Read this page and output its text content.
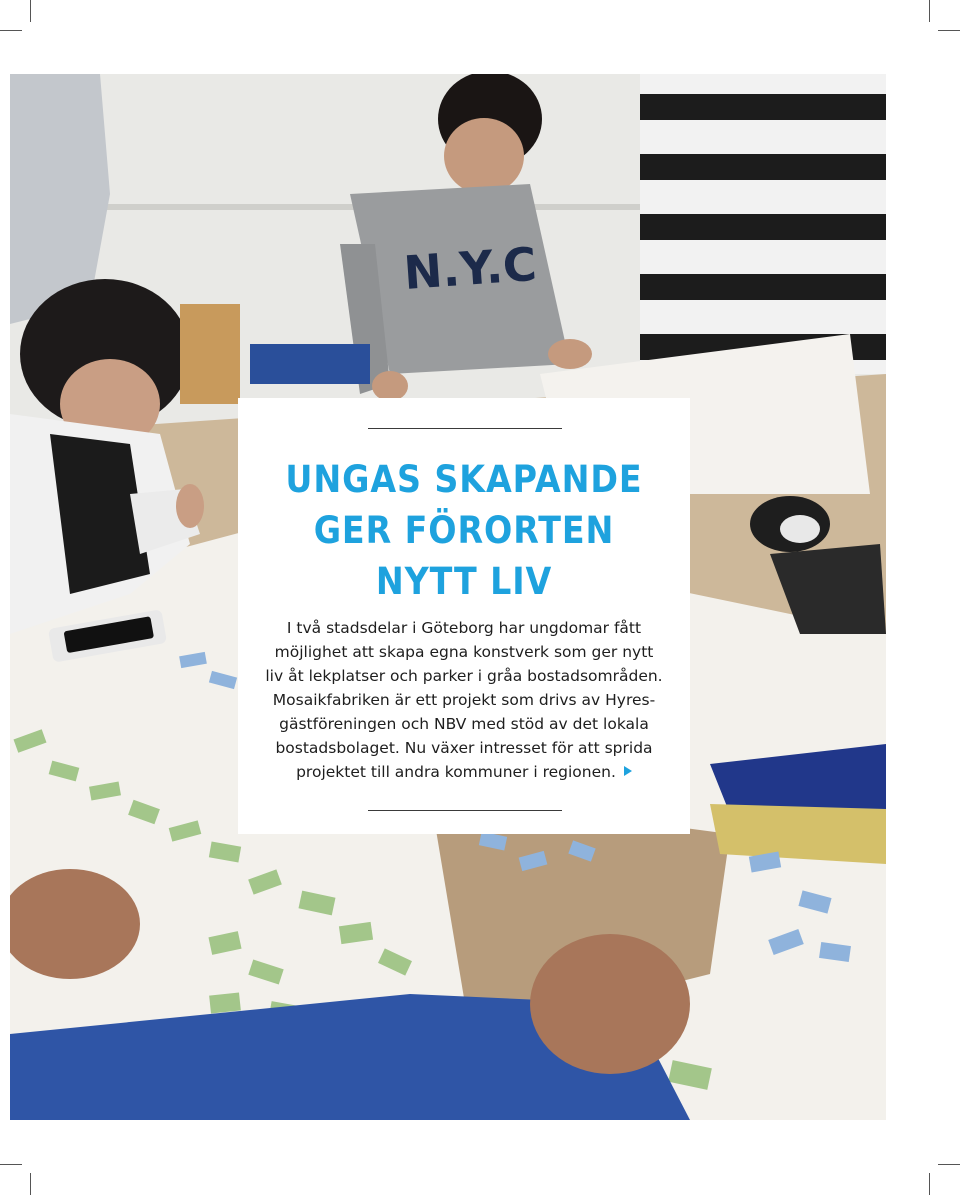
N.Y.C
UNGAS SKAPANDE
GER FÖRORTEN
NYTT LIV

I två stadsdelar i Göteborg har ungdomar fått
möjlighet att skapa egna konstverk som ger nytt
liv åt lekplatser och parker i gråa bostadsområden.
Mosaikfabriken är ett projekt som drivs av Hyres-
gästföreningen och NBV med stöd av det lokala
bostadsbolaget. Nu växer intresset för att sprida
projektet till andra kommuner i regionen.
